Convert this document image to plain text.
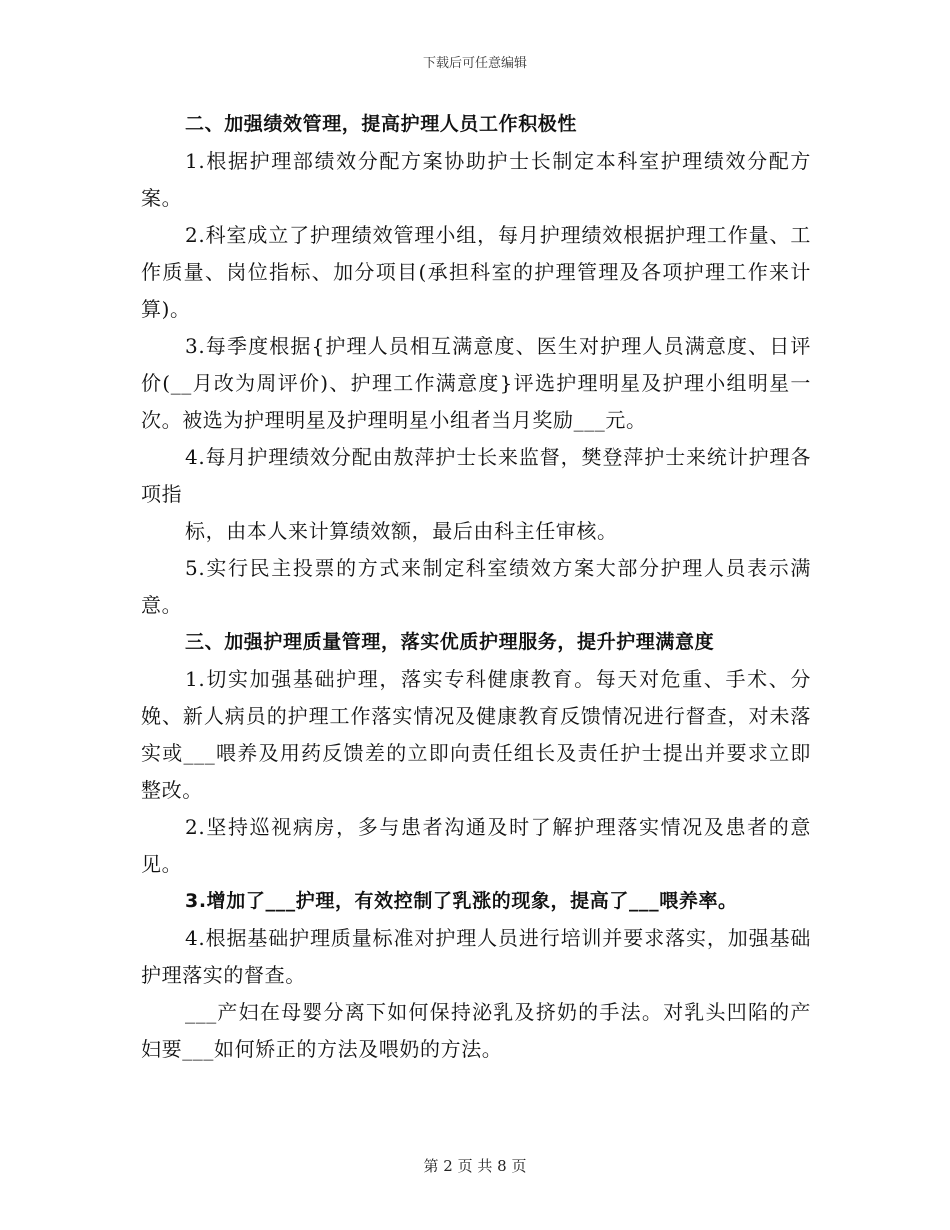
下载后可任意编辑

二、加强绩效管理，提高护理人员工作积极性

1.根据护理部绩效分配方案协助护士长制定本科室护理绩效分配方案。

2.科室成立了护理绩效管理小组，每月护理绩效根据护理工作量、工作质量、岗位指标、加分项目(承担科室的护理管理及各项护理工作来计算)。

3.每季度根据{护理人员相互满意度、医生对护理人员满意度、日评价(__月改为周评价)、护理工作满意度}评选护理明星及护理小组明星一次。被选为护理明星及护理明星小组者当月奖励___元。

4.每月护理绩效分配由敖萍护士长来监督，樊登萍护士来统计护理各项指

标，由本人来计算绩效额，最后由科主任审核。

5.实行民主投票的方式来制定科室绩效方案大部分护理人员表示满意。

三、加强护理质量管理，落实优质护理服务，提升护理满意度

1.切实加强基础护理，落实专科健康教育。每天对危重、手术、分娩、新人病员的护理工作落实情况及健康教育反馈情况进行督查，对未落实或___喂养及用药反馈差的立即向责任组长及责任护士提出并要求立即整改。

2.坚持巡视病房，多与患者沟通及时了解护理落实情况及患者的意见。

3.增加了___护理，有效控制了乳涨的现象，提高了___喂养率。

4.根据基础护理质量标准对护理人员进行培训并要求落实，加强基础护理落实的督查。

___产妇在母婴分离下如何保持泌乳及挤奶的手法。对乳头凹陷的产妇要___如何矫正的方法及喂奶的方法。

第 2 页 共 8 页
